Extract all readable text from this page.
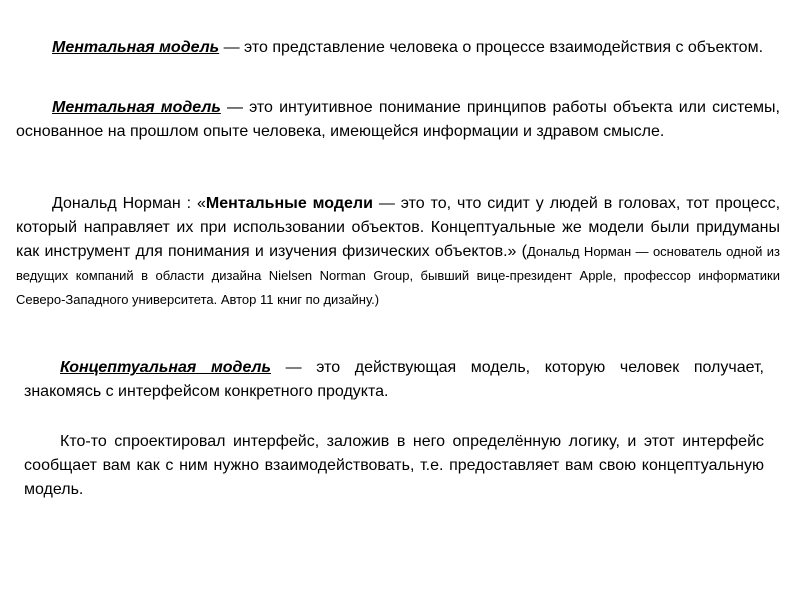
Ментальная модель — это представление человека о процессе взаимодействия с объектом.

Ментальная модель — это интуитивное понимание принципов работы объекта или системы, основанное на прошлом опыте человека, имеющейся информации и здравом смысле.

Дональд Норман : «Ментальные модели — это то, что сидит у людей в головах, тот процесс, который направляет их при использовании объектов. Концептуальные же модели были придуманы как инструмент для понимания и изучения физических объектов.» (Дональд Норман — основатель одной из ведущих компаний в области дизайна Nielsen Norman Group, бывший вице-президент Apple, профессор информатики Северо-Западного университета. Автор 11 книг по дизайну.)

Концептуальная модель — это действующая модель, которую человек получает, знакомясь с интерфейсом конкретного продукта.

Кто-то спроектировал интерфейс, заложив в него определённую логику, и этот интерфейс сообщает вам как с ним нужно взаимодействовать, т.е. предоставляет вам свою концептуальную модель.
